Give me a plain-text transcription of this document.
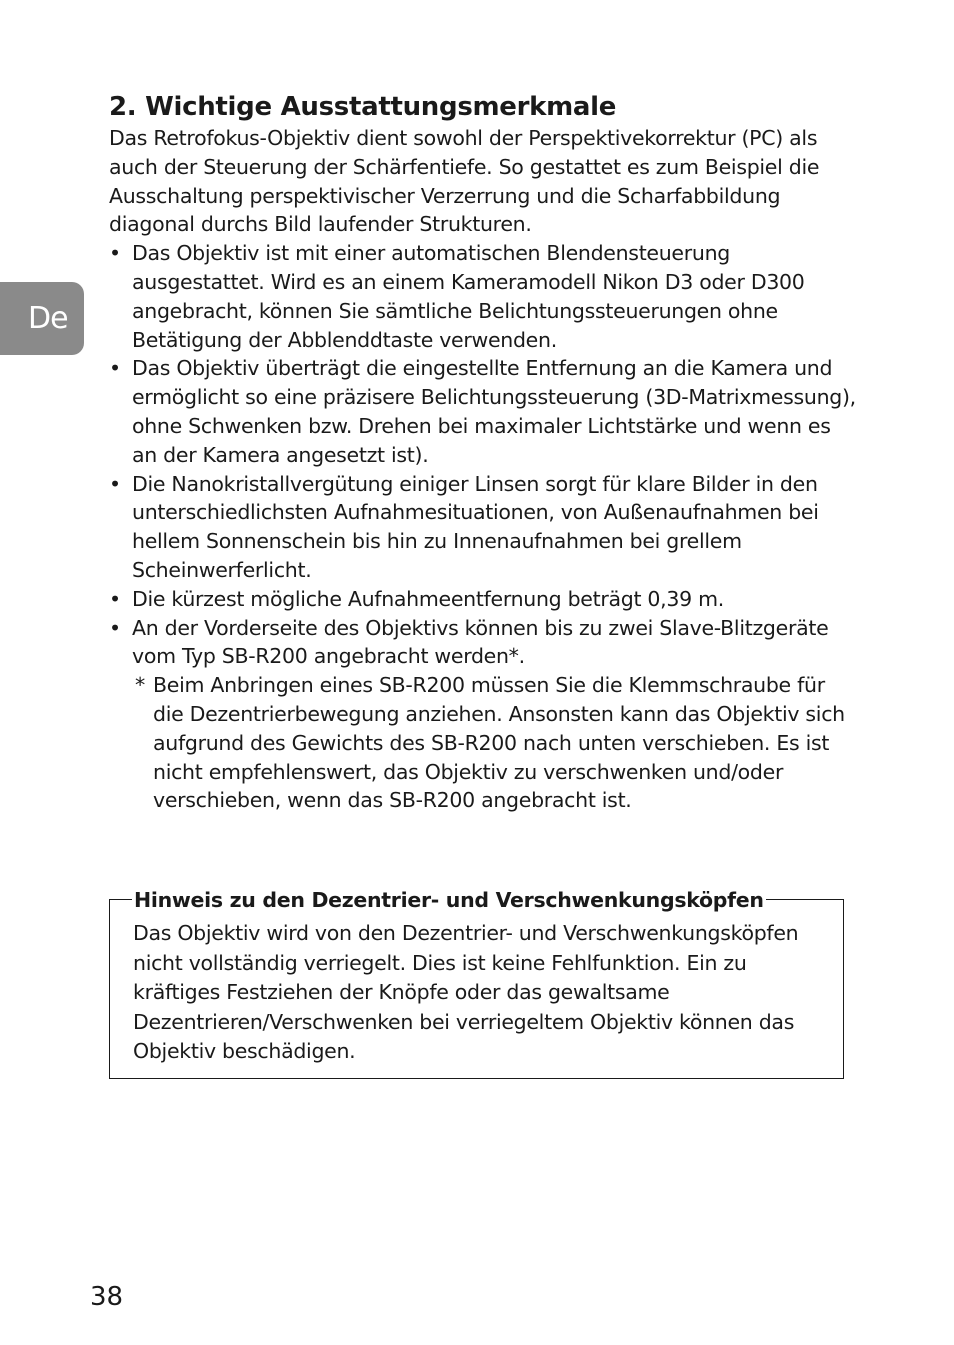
De
2. Wichtige Ausstattungsmerkmale

Das Retrofokus-Objektiv dient sowohl der Perspektivekorrektur (PC) als auch der Steuerung der Schärfentiefe. So gestattet es zum Beispiel die Ausschaltung perspektivischer Verzerrung und die Scharfabbildung diagonal durchs Bild laufender Strukturen.

• Das Objektiv ist mit einer automatischen Blendensteuerung ausgestattet. Wird es an einem Kameramodell Nikon D3 oder D300 angebracht, können Sie sämtliche Belichtungssteuerungen ohne Betätigung der Abblenddtaste verwenden.
• Das Objektiv überträgt die eingestellte Entfernung an die Kamera und ermöglicht so eine präzisere Belichtungssteuerung (3D-Matrixmessung), ohne Schwenken bzw. Drehen bei maximaler Lichtstärke und wenn es an der Kamera angesetzt ist).
• Die Nanokristallvergütung einiger Linsen sorgt für klare Bilder in den unterschiedlichsten Aufnahmesituationen, von Außenaufnahmen bei hellem Sonnenschein bis hin zu Innenaufnahmen bei grellem Scheinwerferlicht.
• Die kürzest mögliche Aufnahmeentfernung beträgt 0,39 m.
• An der Vorderseite des Objektivs können bis zu zwei Slave-Blitzgeräte vom Typ SB-R200 angebracht werden*.
* Beim Anbringen eines SB-R200 müssen Sie die Klemmschraube für die Dezentrierbewegung anziehen. Ansonsten kann das Objektiv sich aufgrund des Gewichts des SB-R200 nach unten verschieben. Es ist nicht empfehlenswert, das Objektiv zu verschwenken und/oder verschieben, wenn das SB-R200 angebracht ist.
Hinweis zu den Dezentrier- und Verschwenkungsköpfen

Das Objektiv wird von den Dezentrier- und Verschwenkungsköpfen nicht vollständig verriegelt. Dies ist keine Fehlfunktion. Ein zu kräftiges Festziehen der Knöpfe oder das gewaltsame Dezentrieren/Verschwenken bei verriegeltem Objektiv können das Objektiv beschädigen.

38
